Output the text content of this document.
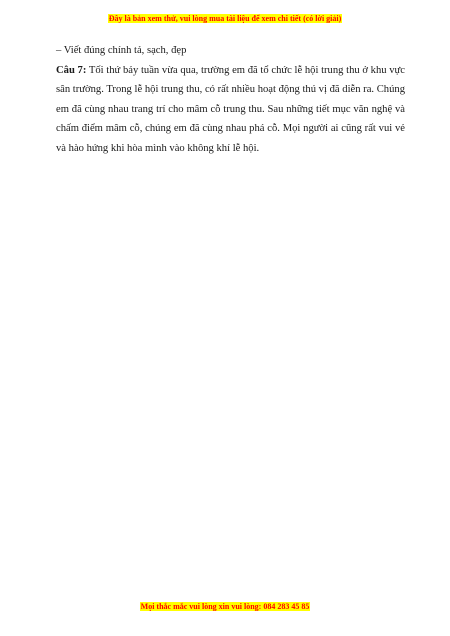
Đây là bản xem thử, vui lòng mua tài liệu để xem chi tiết (có lời giải)

– Viết đúng chính tả, sạch, đẹp

Câu 7: Tối thứ bảy tuần vừa qua, trường em đã tổ chức lễ hội trung thu ở khu vực sân trường. Trong lễ hội trung thu, có rất nhiều hoạt động thú vị đã diễn ra. Chúng em đã cùng nhau trang trí cho mâm cỗ trung thu. Sau những tiết mục văn nghệ và chấm điểm mâm cỗ, chúng em đã cùng nhau phá cỗ. Mọi người ai cũng rất vui vẻ và hào hứng khi hòa mình vào không khí lễ hội.

Mọi thắc mắc vui lòng xin vui lòng: 084 283 45 85
